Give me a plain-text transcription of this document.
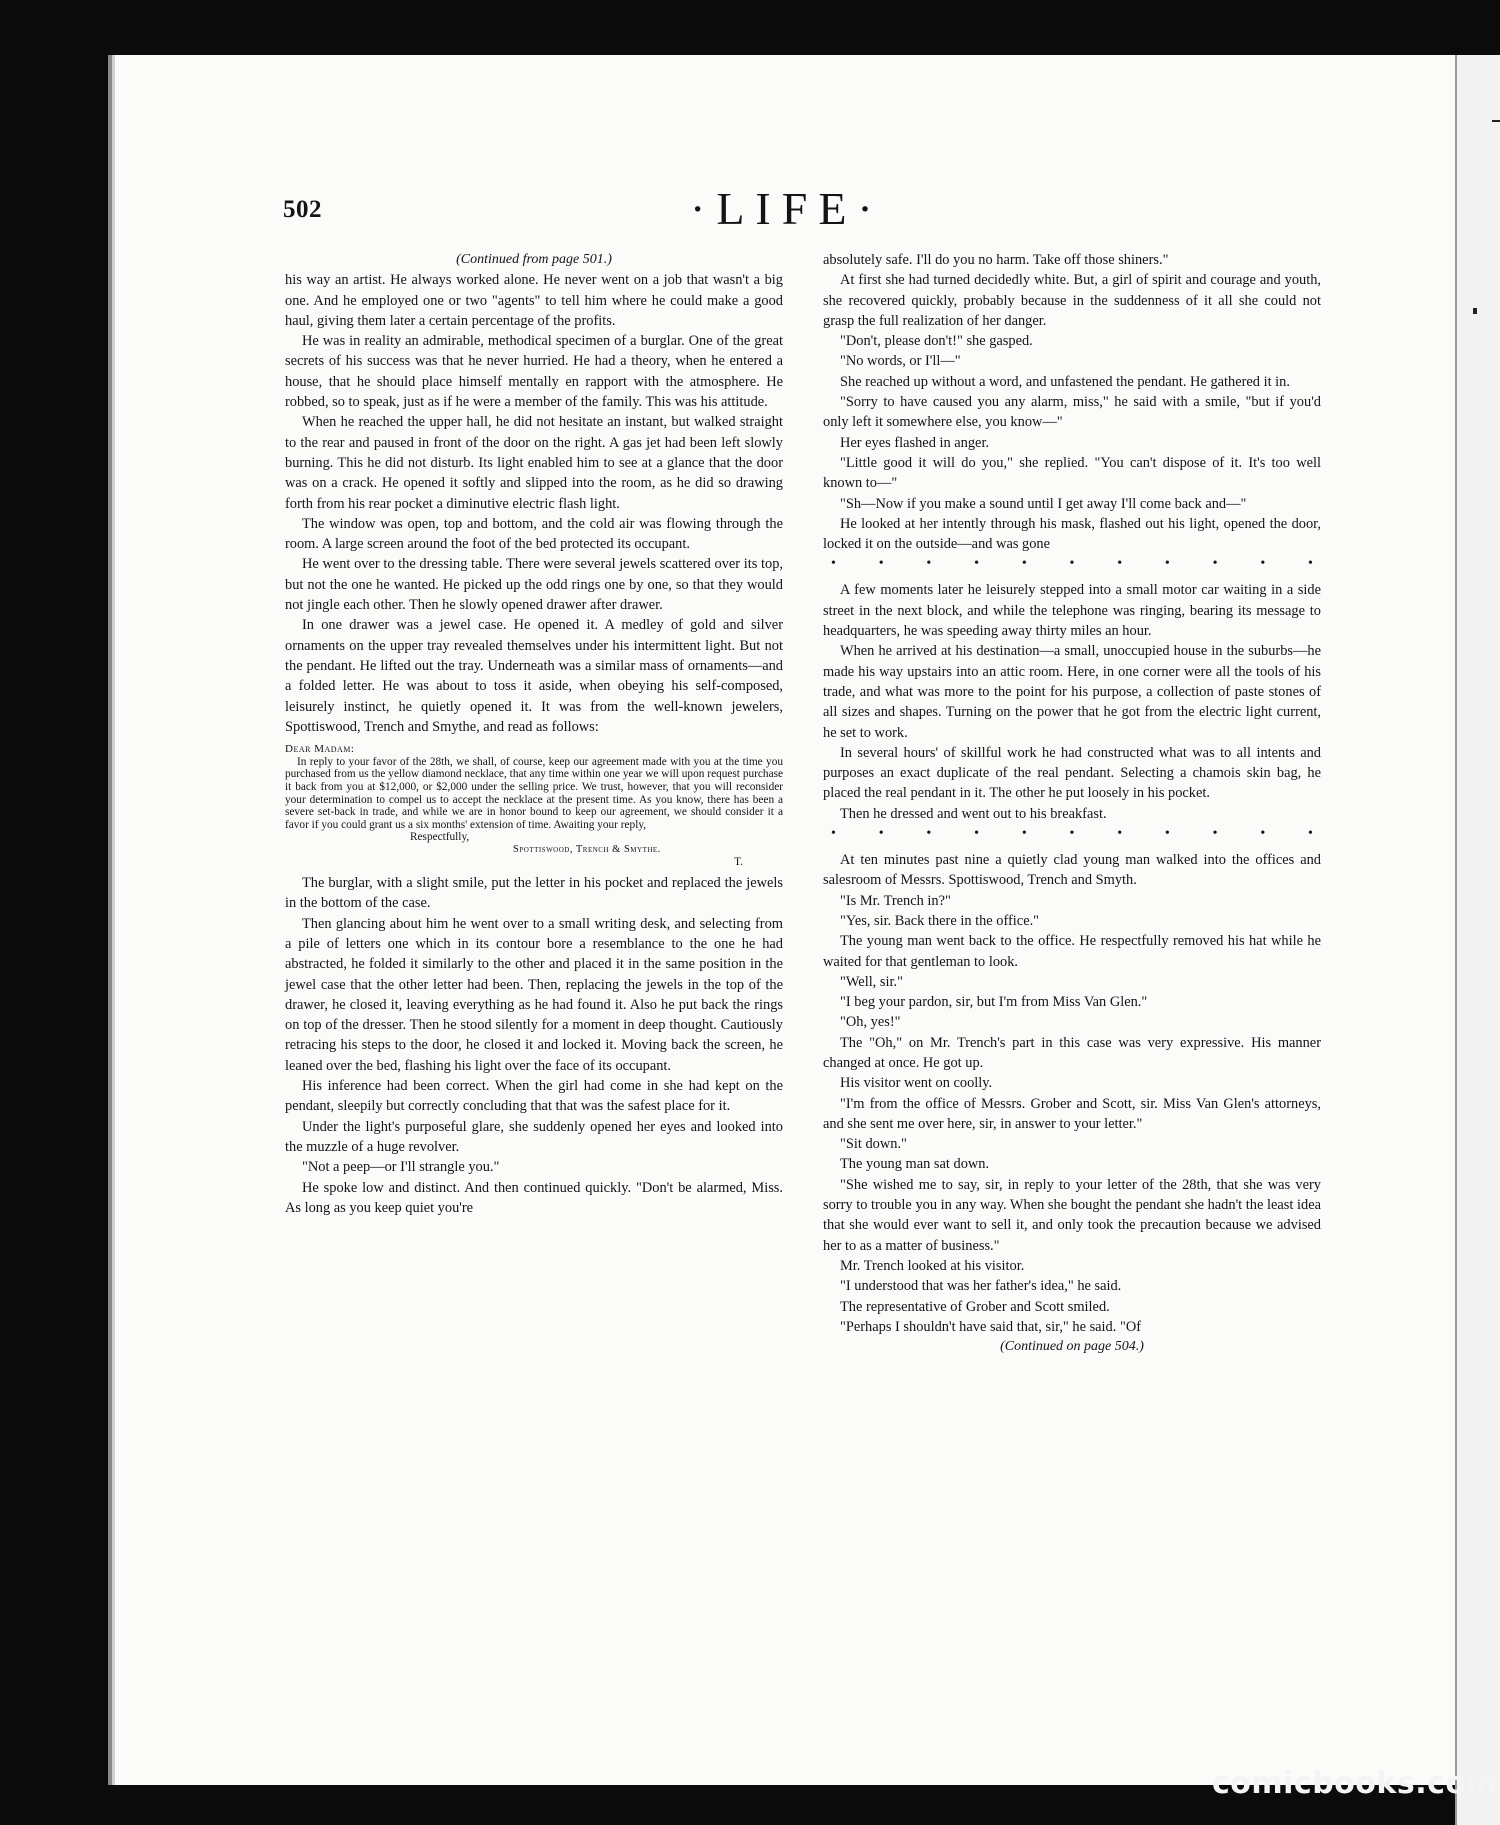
502	·LIFE·

(Continued from page 501.)

his way an artist. He always worked alone. He never went on a job that wasn't a big one. And he employed one or two "agents" to tell him where he could make a good haul, giving them later a certain percentage of the profits.

He was in reality an admirable, methodical specimen of a burglar. One of the great secrets of his success was that he never hurried. He had a theory, when he entered a house, that he should place himself mentally en rapport with the atmosphere. He robbed, so to speak, just as if he were a member of the family. This was his attitude.

When he reached the upper hall, he did not hesitate an instant, but walked straight to the rear and paused in front of the door on the right. A gas jet had been left slowly burning. This he did not disturb. Its light enabled him to see at a glance that the door was on a crack. He opened it softly and slipped into the room, as he did so drawing forth from his rear pocket a diminutive electric flash light.

The window was open, top and bottom, and the cold air was flowing through the room. A large screen around the foot of the bed protected its occupant.

He went over to the dressing table. There were several jewels scattered over its top, but not the one he wanted. He picked up the odd rings one by one, so that they would not jingle each other. Then he slowly opened drawer after drawer.

In one drawer was a jewel case. He opened it. A medley of gold and silver ornaments on the upper tray revealed themselves under his intermittent light. But not the pendant. He lifted out the tray. Underneath was a similar mass of ornaments—and a folded letter. He was about to toss it aside, when obeying his self-composed, leisurely instinct, he quietly opened it. It was from the well-known jewelers, Spottiswood, Trench and Smythe, and read as follows:

Dear Madam:
In reply to your favor of the 28th, we shall, of course, keep our agreement made with you at the time you purchased from us the yellow diamond necklace, that any time within one year we will upon request purchase it back from you at $12,000, or $2,000 under the selling price. We trust, however, that you will reconsider your determination to compel us to accept the necklace at the present time. As you know, there has been a severe set-back in trade, and while we are in honor bound to keep our agreement, we should consider it a favor if you could grant us a six months' extension of time. Awaiting your reply,
Respectfully,
Spottiswood, Trench & Smythe.
T.

The burglar, with a slight smile, put the letter in his pocket and replaced the jewels in the bottom of the case.

Then glancing about him he went over to a small writing desk, and selecting from a pile of letters one which in its contour bore a resemblance to the one he had abstracted, he folded it similarly to the other and placed it in the same position in the jewel case that the other letter had been. Then, replacing the jewels in the top of the drawer, he closed it, leaving everything as he had found it. Also he put back the rings on top of the dresser. Then he stood silently for a moment in deep thought. Cautiously retracing his steps to the door, he closed it and locked it. Moving back the screen, he leaned over the bed, flashing his light over the face of its occupant.

His inference had been correct. When the girl had come in she had kept on the pendant, sleepily but correctly concluding that that was the safest place for it.

Under the light's purposeful glare, she suddenly opened her eyes and looked into the muzzle of a huge revolver.

"Not a peep—or I'll strangle you."

He spoke low and distinct. And then continued quickly. "Don't be alarmed, Miss. As long as you keep quiet you're

absolutely safe. I'll do you no harm. Take off those shiners."

At first she had turned decidedly white. But, a girl of spirit and courage and youth, she recovered quickly, probably because in the suddenness of it all she could not grasp the full realization of her danger.

"Don't, please don't!" she gasped.

"No words, or I'll—"

She reached up without a word, and unfastened the pendant. He gathered it in.

"Sorry to have caused you any alarm, miss," he said with a smile, "but if you'd only left it somewhere else, you know—"

Her eyes flashed in anger.

"Little good it will do you," she replied. "You can't dispose of it. It's too well known to—"

"Sh—Now if you make a sound until I get away I'll come back and—"

He looked at her intently through his mask, flashed out his light, opened the door, locked it on the outside—and was gone

•	•	•	•	•	•	•	•	•	•	•

A few moments later he leisurely stepped into a small motor car waiting in a side street in the next block, and while the telephone was ringing, bearing its message to headquarters, he was speeding away thirty miles an hour.

When he arrived at his destination—a small, unoccupied house in the suburbs—he made his way upstairs into an attic room. Here, in one corner were all the tools of his trade, and what was more to the point for his purpose, a collection of paste stones of all sizes and shapes. Turning on the power that he got from the electric light current, he set to work.

In several hours' of skillful work he had constructed what was to all intents and purposes an exact duplicate of the real pendant. Selecting a chamois skin bag, he placed the real pendant in it. The other he put loosely in his pocket.

Then he dressed and went out to his breakfast.

•	•	•	•	•	•	•	•	•	•	•

At ten minutes past nine a quietly clad young man walked into the offices and salesroom of Messrs. Spottiswood, Trench and Smyth.

"Is Mr. Trench in?"

"Yes, sir. Back there in the office."

The young man went back to the office. He respectfully removed his hat while he waited for that gentleman to look.

"Well, sir."

"I beg your pardon, sir, but I'm from Miss Van Glen."

"Oh, yes!"

The "Oh," on Mr. Trench's part in this case was very expressive. His manner changed at once. He got up.

His visitor went on coolly.

"I'm from the office of Messrs. Grober and Scott, sir. Miss Van Glen's attorneys, and she sent me over here, sir, in answer to your letter."

"Sit down."

The young man sat down.

"She wished me to say, sir, in reply to your letter of the 28th, that she was very sorry to trouble you in any way. When she bought the pendant she hadn't the least idea that she would ever want to sell it, and only took the precaution because we advised her to as a matter of business."

Mr. Trench looked at his visitor.

"I understood that was her father's idea," he said.

The representative of Grober and Scott smiled.

"Perhaps I shouldn't have said that, sir," he said. "Of

(Continued on page 504.)

comicbooks.com
